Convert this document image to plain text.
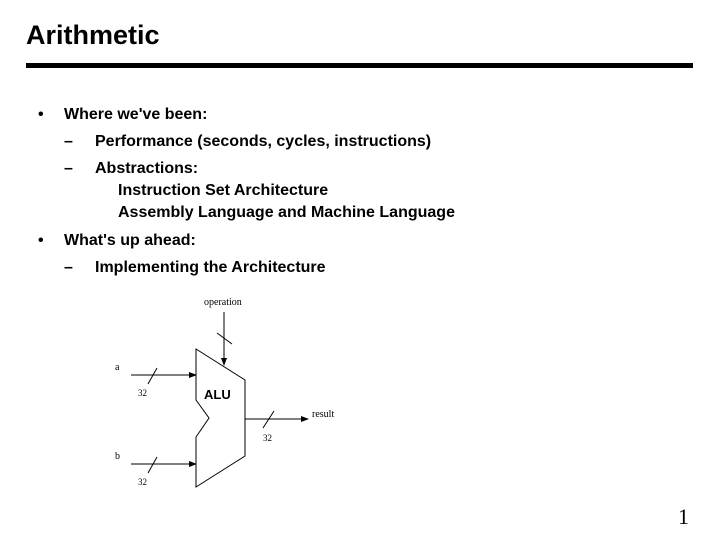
Arithmetic
• Where we've been:
– Performance (seconds, cycles, instructions)
– Abstractions:
Instruction Set Architecture
Assembly Language and Machine Language
• What's up ahead:
– Implementing the Architecture
ALU
operation
a
32
b
32
result
32
1
